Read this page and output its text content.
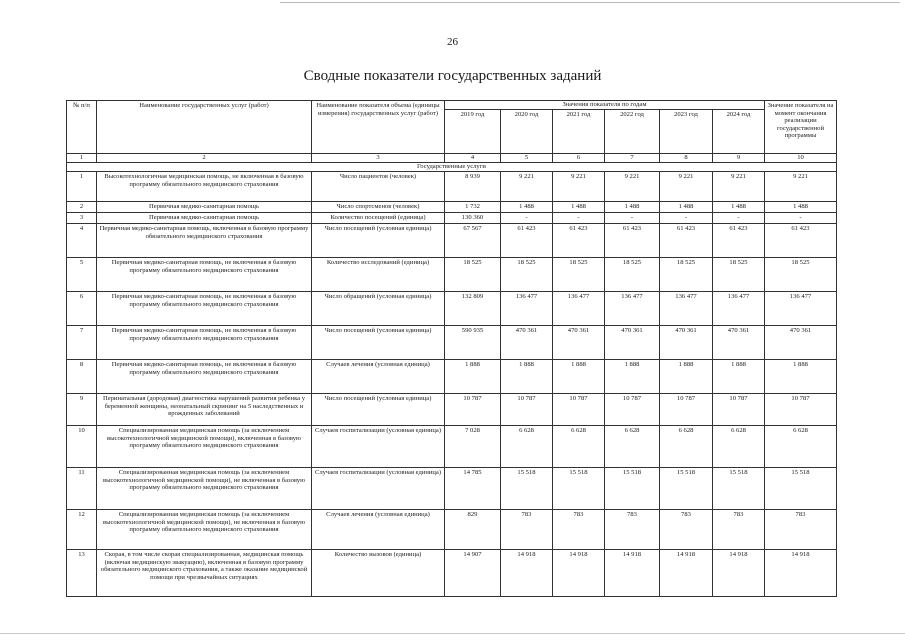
26
Сводные показатели государственных заданий
№ п/п	Наименование государственных услуг (работ)	Наименование показателя объема (единицы измерения) государственных услуг (работ)	Значения показателя по годам						Значение показателя на момент окончания реализации государственной программы
			2019 год	2020 год	2021 год	2022 год	2023 год	2024 год	
1	2	3	4	5	6	7	8	9	10
Государственные услуги									
1	Высокотехнологичная медицинская помощь, не включенная в базовую программу обязательного медицинского страхования	Число пациентов (человек)	8 939	9 221	9 221	9 221	9 221	9 221	9 221
2	Первичная медико-санитарная помощь	Число спортсменов (человек)	1 732	1 488	1 488	1 488	1 488	1 488	1 488
3	Первичная медико-санитарная помощь	Количество посещений (единица)	130 360	-	-	-	-	-	-
4	Первичная медико-санитарная помощь, включенная в базовую программу обязательного медицинского страхования	Число посещений (условная единица)	67 567	61 423	61 423	61 423	61 423	61 423	61 423
5	Первичная медико-санитарная помощь, не включенная в базовую программу обязательного медицинского страхования	Количество исследований (единица)	18 525	18 525	18 525	18 525	18 525	18 525	18 525
6	Первичная медико-санитарная помощь, не включенная в базовую программу обязательного медицинского страхования	Число обращений (условная единица)	132 809	136 477	136 477	136 477	136 477	136 477	136 477
7	Первичная медико-санитарная помощь, не включенная в базовую программу обязательного медицинского страхования	Число посещений (условная единица)	590 935	470 361	470 361	470 361	470 361	470 361	470 361
8	Первичная медико-санитарная помощь, не включенная в базовую программу обязательного медицинского страхования	Случаев лечения (условная единица)	1 888	1 888	1 888	1 888	1 888	1 888	1 888
9	Перинатальная (дородовая) диагностика нарушений развития ребенка у беременной женщины, неонатальный скрининг на 5 наследственных и врожденных заболеваний	Число посещений (условная единица)	10 787	10 787	10 787	10 787	10 787	10 787	10 787
10	Специализированная медицинская помощь (за исключением высокотехнологичной медицинской помощи), включенная в базовую программу обязательного медицинского страхования	Случаев госпитализации (условная единица)	7 028	6 628	6 628	6 628	6 628	6 628	6 628
11	Специализированная медицинская помощь (за исключением высокотехнологичной медицинской помощи), не включенная в базовую программу обязательного медицинского страхования	Случаев госпитализации (условная единица)	14 785	15 518	15 518	15 518	15 518	15 518	15 518
12	Специализированная медицинская помощь (за исключением высокотехнологичной медицинской помощи), не включенная в базовую программу обязательного медицинского страхования	Случаев лечения (условная единица)	829	783	783	783	783	783	783
13	Скорая, в том числе скорая специализированная, медицинская помощь (включая медицинскую эвакуацию), включенная в базовую программу обязательного медицинского страхования, а также оказание медицинской помощи при чрезвычайных ситуациях	Количество вызовов (единица)	14 907	14 918	14 918	14 918	14 918	14 918	14 918
